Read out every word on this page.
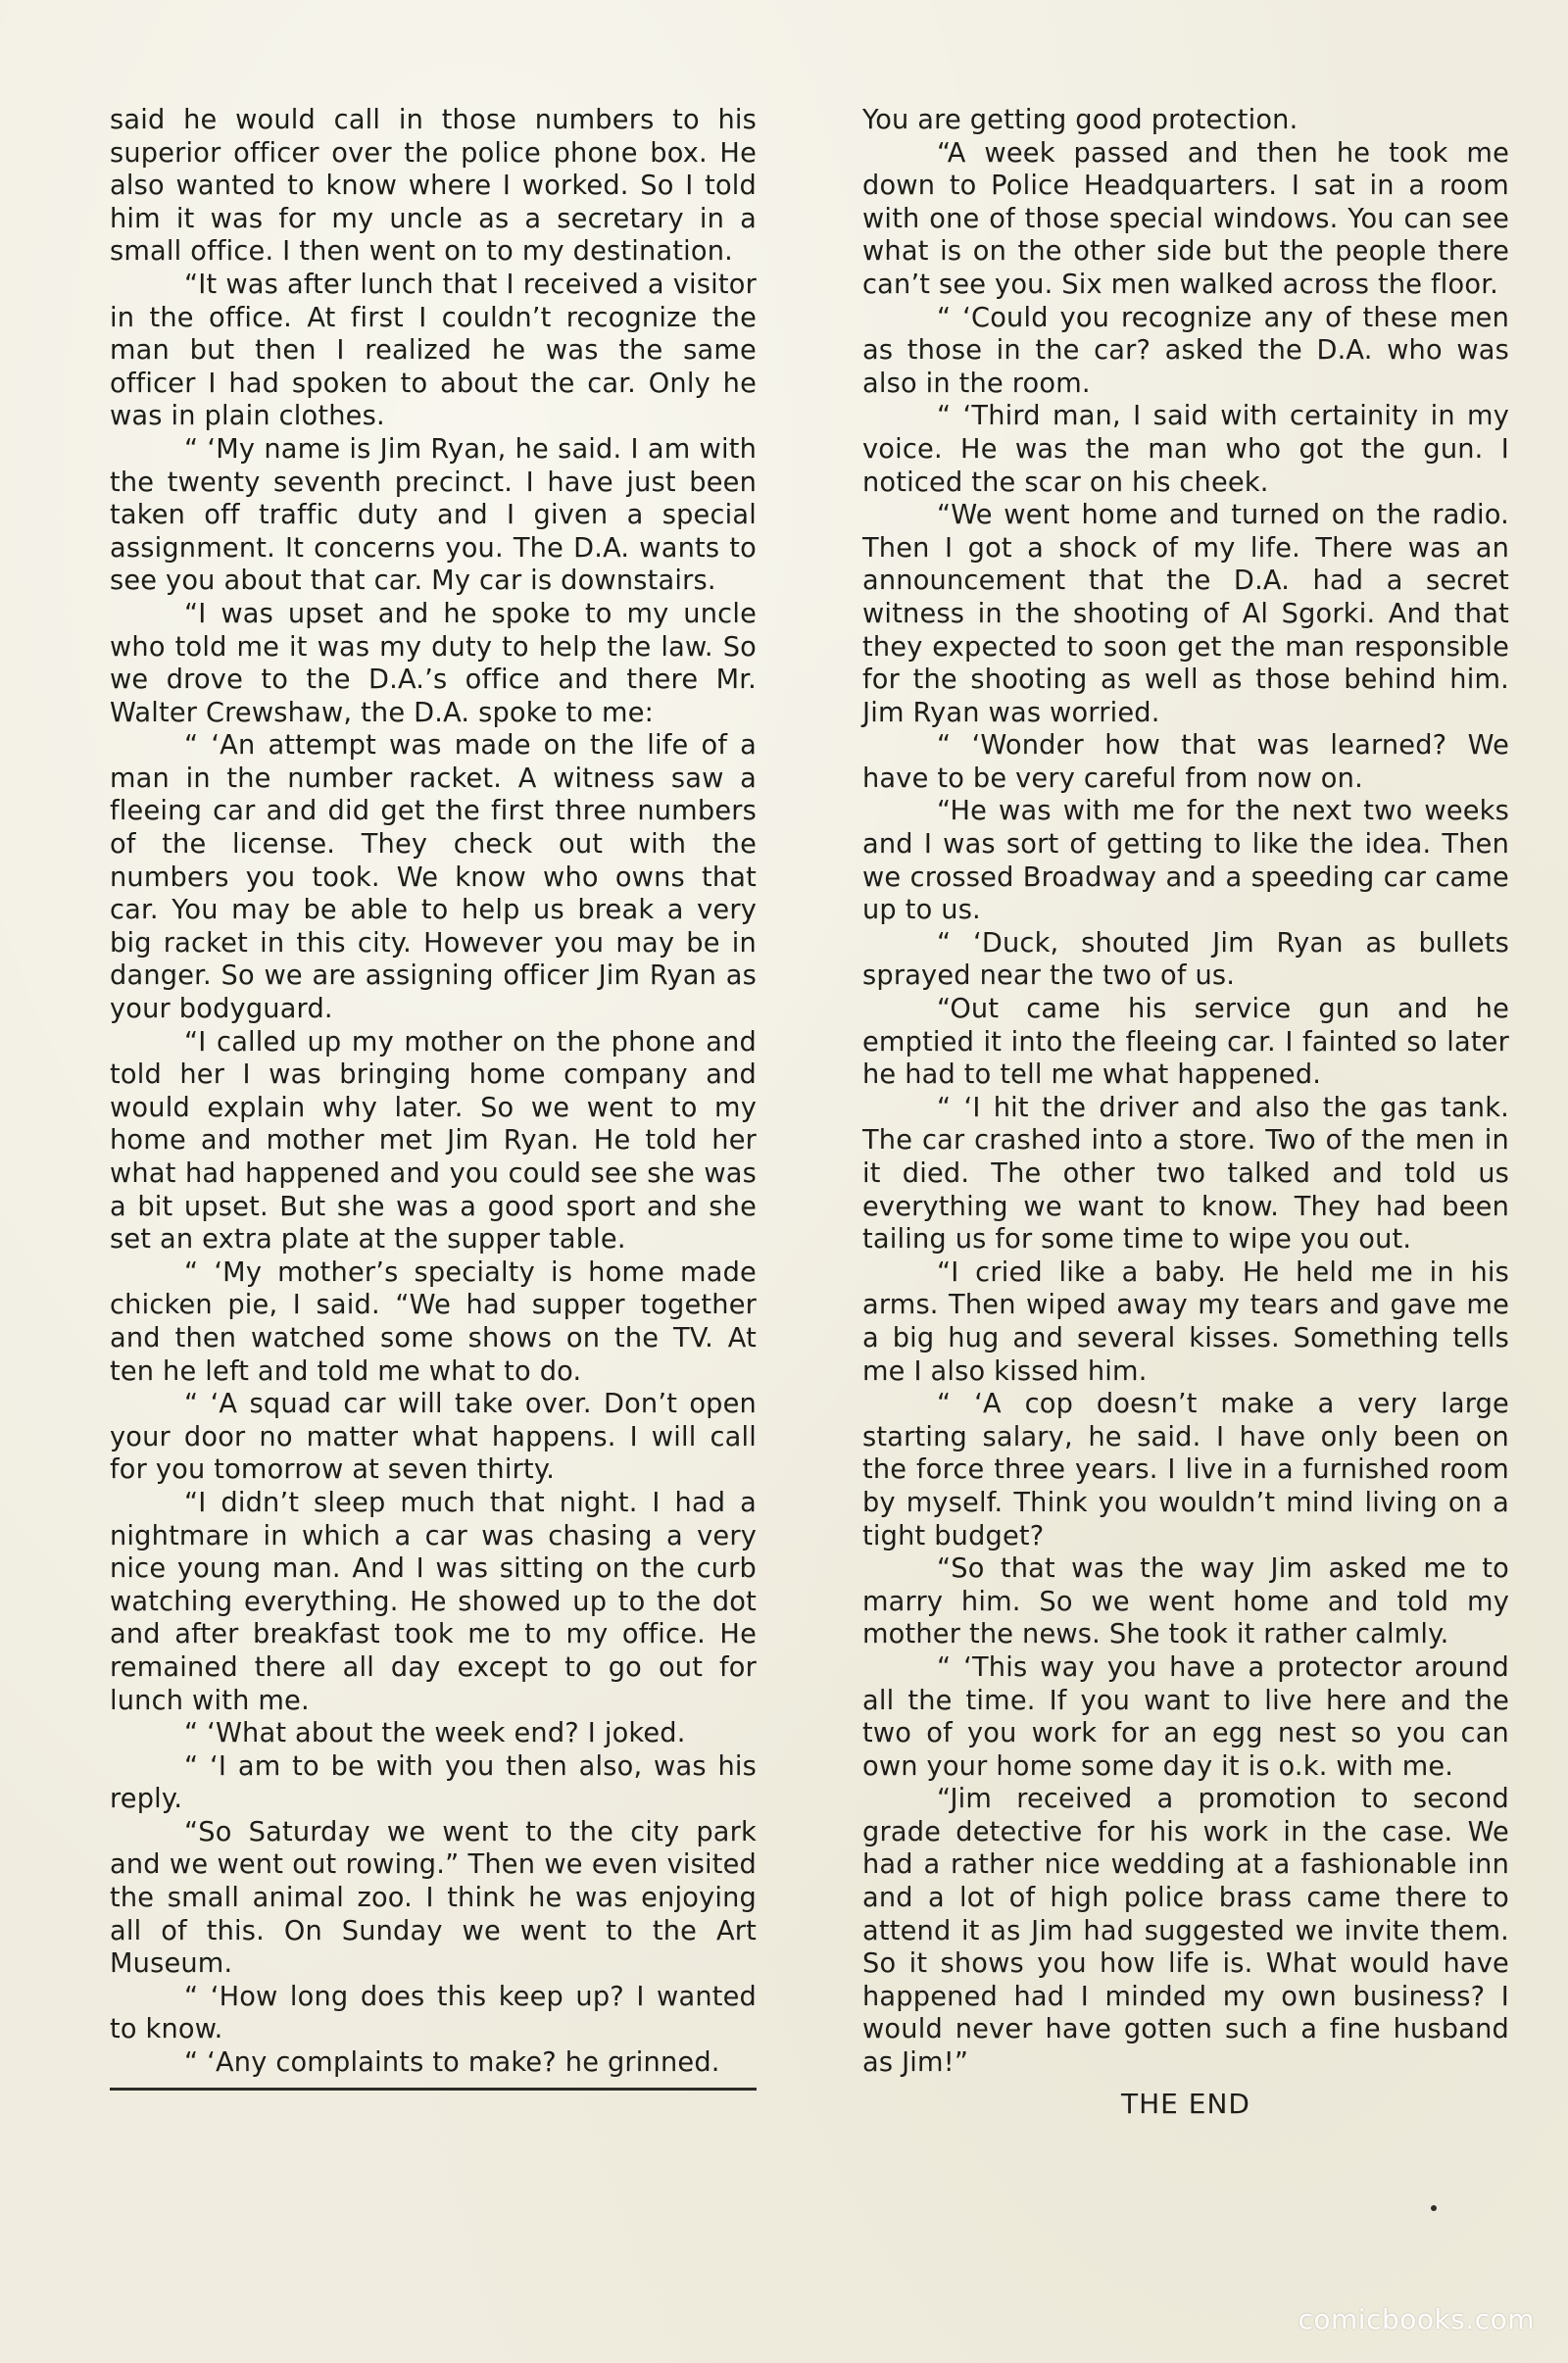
said he would call in those numbers to his superior officer over the police phone box. He also wanted to know where I worked. So I told him it was for my uncle as a secretary in a small office. I then went on to my destination.

“It was after lunch that I received a visitor in the office. At first I couldn’t recognize the man but then I realized he was the same officer I had spoken to about the car. Only he was in plain clothes.

“ ‘My name is Jim Ryan, he said. I am with the twenty seventh precinct. I have just been taken off traffic duty and I given a special assignment. It concerns you. The D.A. wants to see you about that car. My car is downstairs.

“I was upset and he spoke to my uncle who told me it was my duty to help the law. So we drove to the D.A.’s office and there Mr. Walter Crewshaw, the D.A. spoke to me:

“ ‘An attempt was made on the life of a man in the number racket. A witness saw a fleeing car and did get the first three numbers of the license. They check out with the numbers you took. We know who owns that car. You may be able to help us break a very big racket in this city. However you may be in danger. So we are assigning officer Jim Ryan as your bodyguard.

“I called up my mother on the phone and told her I was bringing home company and would explain why later. So we went to my home and mother met Jim Ryan. He told her what had happened and you could see she was a bit upset. But she was a good sport and she set an extra plate at the supper table.

“ ‘My mother’s specialty is home made chicken pie, I said. “We had supper together and then watched some shows on the TV. At ten he left and told me what to do.

“ ‘A squad car will take over. Don’t open your door no matter what happens. I will call for you tomorrow at seven thirty.

“I didn’t sleep much that night. I had a nightmare in which a car was chasing a very nice young man. And I was sitting on the curb watching everything. He showed up to the dot and after breakfast took me to my office. He remained there all day except to go out for lunch with me.

“ ‘What about the week end? I joked.

“ ‘I am to be with you then also, was his reply.

“So Saturday we went to the city park and we went out rowing.” Then we even visited the small animal zoo. I think he was enjoying all of this. On Sunday we went to the Art Museum.

“ ‘How long does this keep up? I wanted to know.

“ ‘Any complaints to make? he grinned.

You are getting good protection.

“A week passed and then he took me down to Police Headquarters. I sat in a room with one of those special windows. You can see what is on the other side but the people there can’t see you. Six men walked across the floor.

“ ‘Could you recognize any of these men as those in the car? asked the D.A. who was also in the room.

“ ‘Third man, I said with certainity in my voice. He was the man who got the gun. I noticed the scar on his cheek.

“We went home and turned on the radio. Then I got a shock of my life. There was an announcement that the D.A. had a secret witness in the shooting of Al Sgorki. And that they expected to soon get the man responsible for the shooting as well as those behind him. Jim Ryan was worried.

“ ‘Wonder how that was learned? We have to be very careful from now on.

“He was with me for the next two weeks and I was sort of getting to like the idea. Then we crossed Broadway and a speeding car came up to us.

“ ‘Duck, shouted Jim Ryan as bullets sprayed near the two of us.

“Out came his service gun and he emptied it into the fleeing car. I fainted so later he had to tell me what happened.

“ ‘I hit the driver and also the gas tank. The car crashed into a store. Two of the men in it died. The other two talked and told us everything we want to know. They had been tailing us for some time to wipe you out.

“I cried like a baby. He held me in his arms. Then wiped away my tears and gave me a big hug and several kisses. Something tells me I also kissed him.

“ ‘A cop doesn’t make a very large starting salary, he said. I have only been on the force three years. I live in a furnished room by myself. Think you wouldn’t mind living on a tight budget?

“So that was the way Jim asked me to marry him. So we went home and told my mother the news. She took it rather calmly.

“ ‘This way you have a protector around all the time. If you want to live here and the two of you work for an egg nest so you can own your home some day it is o.k. with me.

“Jim received a promotion to second grade detective for his work in the case. We had a rather nice wedding at a fashionable inn and a lot of high police brass came there to attend it as Jim had suggested we invite them. So it shows you how life is. What would have happened had I minded my own business? I would never have gotten such a fine husband as Jim!”

THE END
comicbooks.com
